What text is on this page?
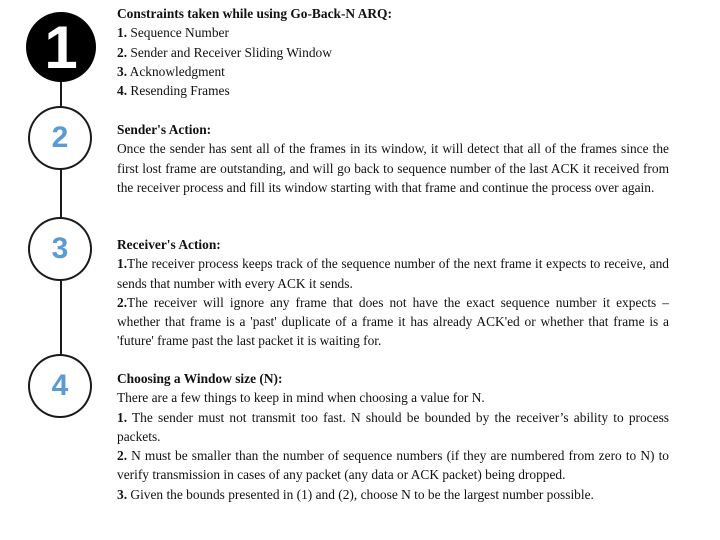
1
2
3
4
Constraints taken while using Go-Back-N ARQ:

1. Sequence Number

2. Sender and Receiver Sliding Window

3. Acknowledgment

4. Resending Frames

Sender's Action:

Once the sender has sent all of the frames in its window, it will detect that all of the frames since the first lost frame are outstanding, and will go back to sequence number of the last ACK it received from the receiver process and fill its window starting with that frame and continue the process over again.

Receiver's Action:

1.The receiver process keeps track of the sequence number of the next frame it expects to receive, and sends that number with every ACK it sends.

2.The receiver will ignore any frame that does not have the exact sequence number it expects – whether that frame is a 'past' duplicate of a frame it has already ACK'ed or whether that frame is a 'future' frame past the last packet it is waiting for.

Choosing a Window size (N):

There are a few things to keep in mind when choosing a value for N.

1. The sender must not transmit too fast. N should be bounded by the receiver’s ability to process packets.

2. N must be smaller than the number of sequence numbers (if they are numbered from zero to N) to verify transmission in cases of any packet (any data or ACK packet) being dropped.

3. Given the bounds presented in (1) and (2), choose N to be the largest number possible.
